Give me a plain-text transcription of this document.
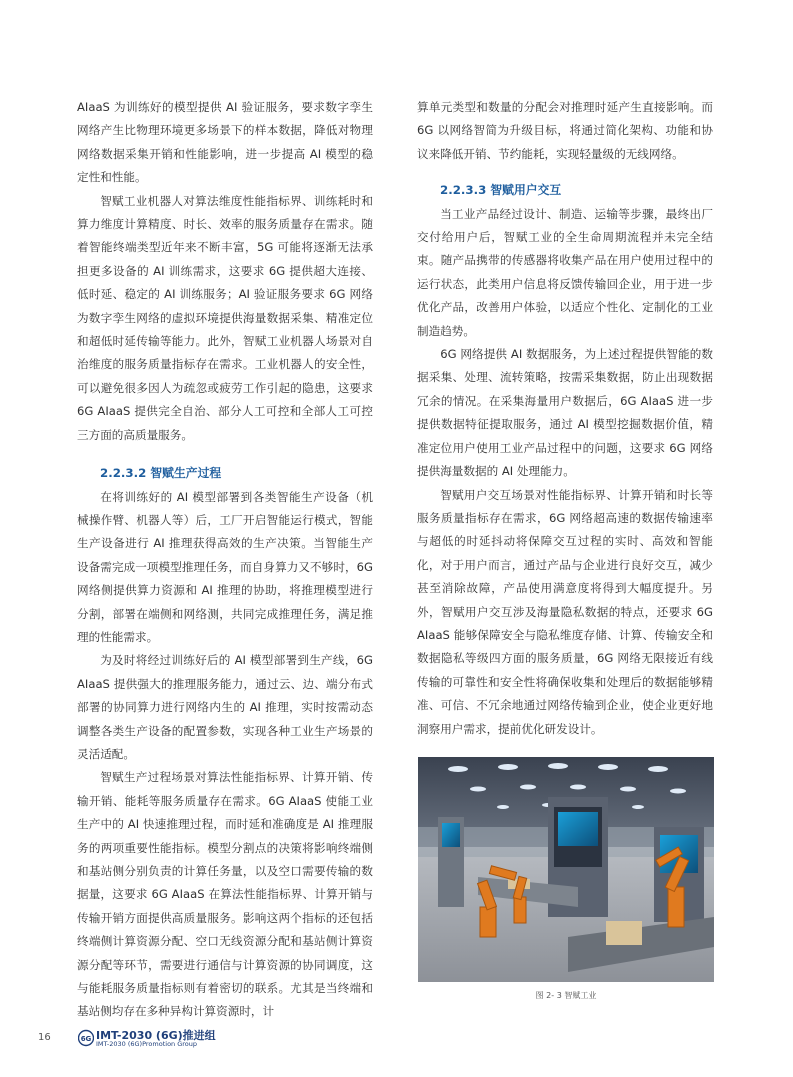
AIaaS 为训练好的模型提供 AI 验证服务，要求数字孪生网络产生比物理环境更多场景下的样本数据，降低对物理网络数据采集开销和性能影响，进一步提高 AI 模型的稳定性和性能。

智赋工业机器人对算法维度性能指标界、训练耗时和算力维度计算精度、时长、效率的服务质量存在需求。随着智能终端类型近年来不断丰富，5G 可能将逐渐无法承担更多设备的 AI 训练需求，这要求 6G 提供超大连接、低时延、稳定的 AI 训练服务；AI 验证服务要求 6G 网络为数字孪生网络的虚拟环境提供海量数据采集、精准定位和超低时延传输等能力。此外，智赋工业机器人场景对自治维度的服务质量指标存在需求。工业机器人的安全性，可以避免很多因人为疏忽或疲劳工作引起的隐患，这要求 6G AIaaS 提供完全自治、部分人工可控和全部人工可控三方面的高质量服务。

2.2.3.2 智赋生产过程

在将训练好的 AI 模型部署到各类智能生产设备（机械操作臂、机器人等）后，工厂开启智能运行模式，智能生产设备进行 AI 推理获得高效的生产决策。当智能生产设备需完成一项模型推理任务，而自身算力又不够时，6G 网络侧提供算力资源和 AI 推理的协助，将推理模型进行分割，部署在端侧和网络测，共同完成推理任务，满足推理的性能需求。

为及时将经过训练好后的 AI 模型部署到生产线，6G AIaaS 提供强大的推理服务能力，通过云、边、端分布式部署的协同算力进行网络内生的 AI 推理，实时按需动态调整各类生产设备的配置参数，实现各种工业生产场景的灵活适配。

智赋生产过程场景对算法性能指标界、计算开销、传输开销、能耗等服务质量存在需求。6G AIaaS 使能工业生产中的 AI 快速推理过程，而时延和准确度是 AI 推理服务的两项重要性能指标。模型分割点的决策将影响终端侧和基站侧分别负责的计算任务量，以及空口需要传输的数据量，这要求 6G AIaaS 在算法性能指标界、计算开销与传输开销方面提供高质量服务。影响这两个指标的还包括终端侧计算资源分配、空口无线资源分配和基站侧计算资源分配等环节，需要进行通信与计算资源的协同调度，这与能耗服务质量指标则有着密切的联系。尤其是当终端和基站侧均存在多种异构计算资源时，计

算单元类型和数量的分配会对推理时延产生直接影响。而 6G 以网络智简为升级目标，将通过简化架构、功能和协议来降低开销、节约能耗，实现轻量级的无线网络。

2.2.3.3 智赋用户交互

当工业产品经过设计、制造、运输等步骤，最终出厂交付给用户后，智赋工业的全生命周期流程并未完全结束。随产品携带的传感器将收集产品在用户使用过程中的运行状态，此类用户信息将反馈传输回企业，用于进一步优化产品，改善用户体验，以适应个性化、定制化的工业制造趋势。

6G 网络提供 AI 数据服务，为上述过程提供智能的数据采集、处理、流转策略，按需采集数据，防止出现数据冗余的情况。在采集海量用户数据后，6G AIaaS 进一步提供数据特征提取服务，通过 AI 模型挖掘数据价值，精准定位用户使用工业产品过程中的问题，这要求 6G 网络提供海量数据的 AI 处理能力。

智赋用户交互场景对性能指标界、计算开销和时长等服务质量指标存在需求，6G 网络超高速的数据传输速率与超低的时延抖动将保障交互过程的实时、高效和智能化，对于用户而言，通过产品与企业进行良好交互，减少甚至消除故障，产品使用满意度将得到大幅度提升。另外，智赋用户交互涉及海量隐私数据的特点，还要求 6G AIaaS 能够保障安全与隐私维度存储、计算、传输安全和数据隐私等级四方面的服务质量，6G 网络无限接近有线传输的可靠性和安全性将确保收集和处理后的数据能够精准、可信、不冗余地通过网络传输到企业，使企业更好地洞察用户需求，提前优化研发设计。

图 2- 3 智赋工业
16	6G IMT-2030 (6G)推进组
IMT-2030 (6G)Promotion Group
